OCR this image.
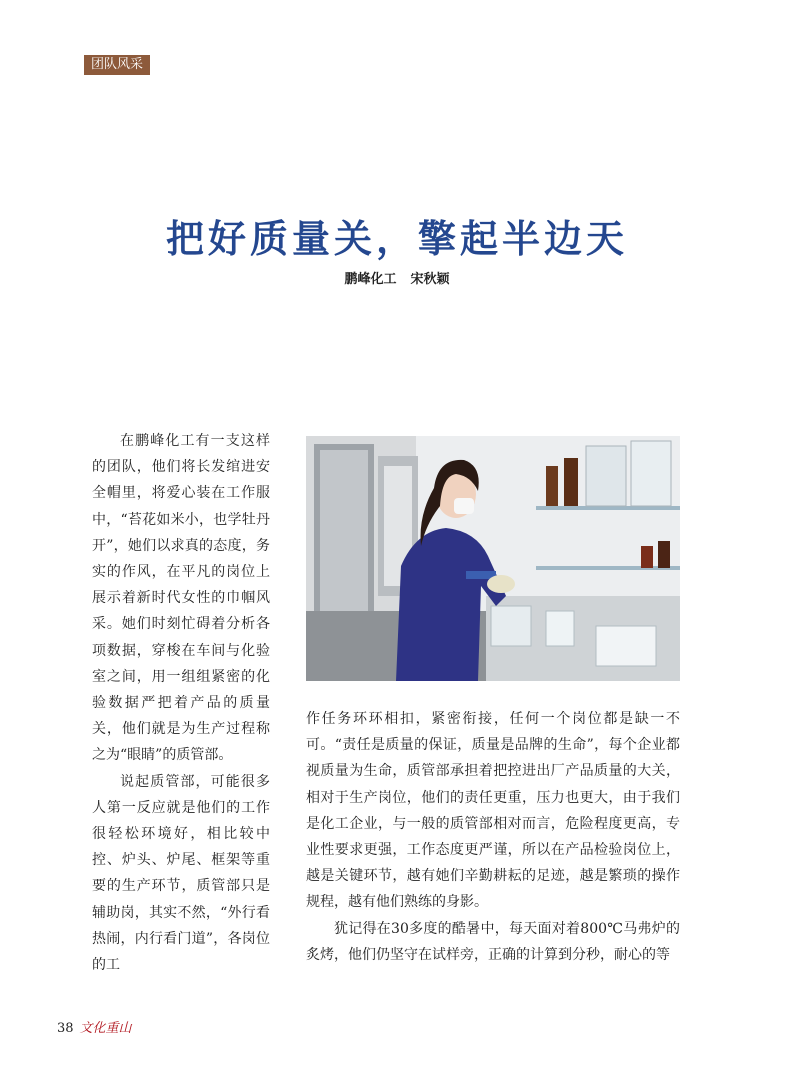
团队风采
把好质量关，擎起半边天
鹏峰化工 宋秋颖

在鹏峰化工有一支这样的团队，他们将长发绾进安全帽里，将爱心装在工作服中，“苔花如米小，也学牡丹开”，她们以求真的态度，务实的作风，在平凡的岗位上展示着新时代女性的巾帼风采。她们时刻忙碍着分析各项数据，穿梭在车间与化验室之间，用一组组紧密的化验数据严把着产品的质量关，他们就是为生产过程称之为“眼睛”的质管部。

说起质管部，可能很多人第一反应就是他们的工作很轻松环境好，相比较中控、炉头、炉尾、框架等重要的生产环节，质管部只是辅助岗，其实不然，“外行看热闹，内行看门道”，各岗位的工

作任务环环相扣，紧密衔接，任何一个岗位都是缺一不可。“责任是质量的保证，质量是品牌的生命”，每个企业都视质量为生命，质管部承担着把控进出厂产品质量的大关，相对于生产岗位，他们的责任更重，压力也更大，由于我们是化工企业，与一般的质管部相对而言，危险程度更高，专业性要求更强，工作态度更严谨，所以在产品检验岗位上，越是关键环节，越有她们辛勤耕耘的足迹，越是繁琐的操作规程，越有他们熟练的身影。

犹记得在30多度的酷暑中，每天面对着800℃马弗炉的炙烤，他们仍坚守在试样旁，正确的计算到分秒，耐心的等

38 文化重山
